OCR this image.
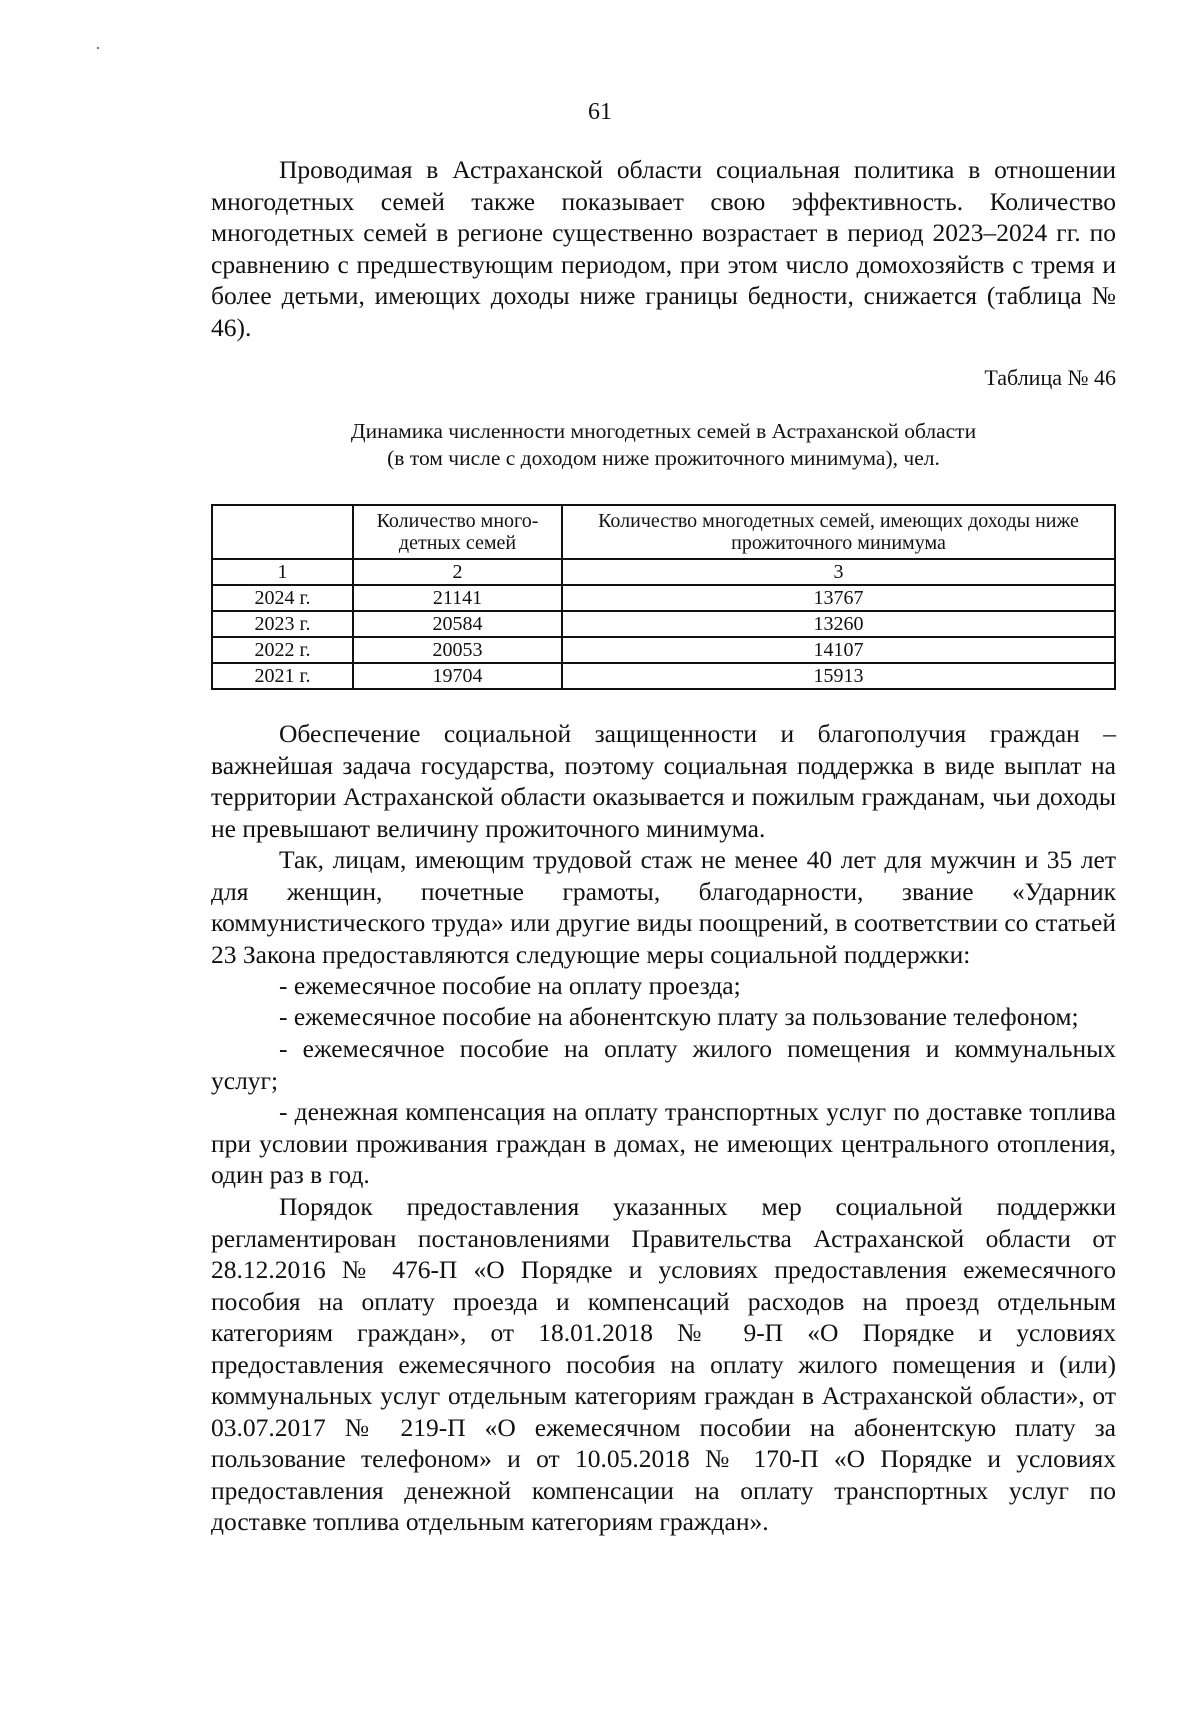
61

Проводимая в Астраханской области социальная политика в отношении многодетных семей также показывает свою эффективность. Количество многодетных семей в регионе существенно возрастает в период 2023–2024 гг. по сравнению с предшествующим периодом, при этом число домохозяйств с тремя и более детьми, имеющих доходы ниже границы бедности, снижается (таблица № 46).

Таблица № 46
Динамика численности многодетных семей в Астраханской области
(в том числе с доходом ниже прожиточного минимума), чел.
	Количество много-детных семей	Количество многодетных семей, имеющих доходы ниже прожиточного минимума
1	2	3
2024 г.	21141	13767
2023 г.	20584	13260
2022 г.	20053	14107
2021 г.	19704	15913

Обеспечение социальной защищенности и благополучия граждан – важнейшая задача государства, поэтому социальная поддержка в виде выплат на территории Астраханской области оказывается и пожилым гражданам, чьи доходы не превышают величину прожиточного минимума.

Так, лицам, имеющим трудовой стаж не менее 40 лет для мужчин и 35 лет для женщин, почетные грамоты, благодарности, звание «Ударник коммунистического труда» или другие виды поощрений, в соответствии со статьей 23 Закона предоставляются следующие меры социальной поддержки:

- ежемесячное пособие на оплату проезда;

- ежемесячное пособие на абонентскую плату за пользование телефоном;

- ежемесячное пособие на оплату жилого помещения и коммунальных услуг;

- денежная компенсация на оплату транспортных услуг по доставке топлива при условии проживания граждан в домах, не имеющих центрального отопления, один раз в год.

Порядок предоставления указанных мер социальной поддержки регламентирован постановлениями Правительства Астраханской области от 28.12.2016 № 476-П «О Порядке и условиях предоставления ежемесячного пособия на оплату проезда и компенсаций расходов на проезд отдельным категориям граждан», от 18.01.2018 № 9-П «О Порядке и условиях предоставления ежемесячного пособия на оплату жилого помещения и (или) коммунальных услуг отдельным категориям граждан в Астраханской области», от 03.07.2017 № 219-П «О ежемесячном пособии на абонентскую плату за пользование телефоном» и от 10.05.2018 № 170-П «О Порядке и условиях предоставления денежной компенсации на оплату транспортных услуг по доставке топлива отдельным категориям граждан».
